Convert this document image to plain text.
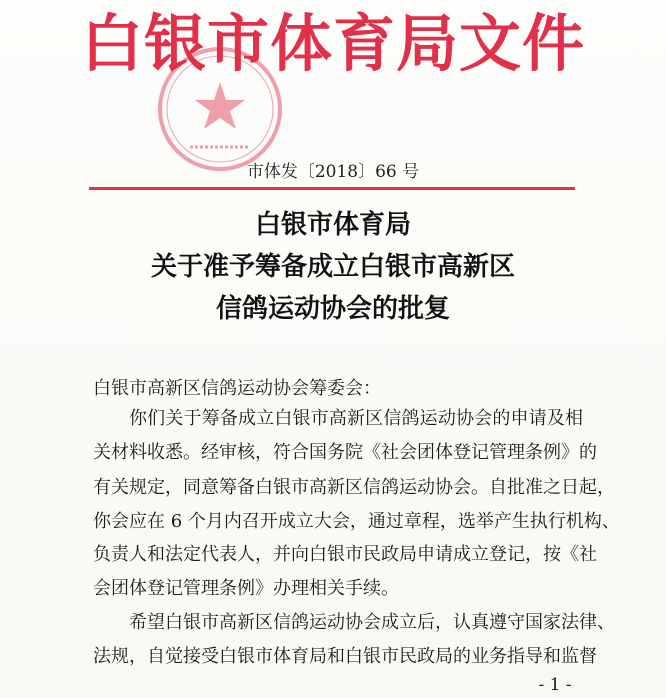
白银市体育局文件
市体发〔2018〕66 号
白银市体育局
关于准予筹备成立白银市高新区
信鸽运动协会的批复
白银市高新区信鸽运动协会筹委会：
你们关于筹备成立白银市高新区信鸽运动协会的申请及相
关材料收悉。经审核，符合国务院《社会团体登记管理条例》的
有关规定，同意筹备白银市高新区信鸽运动协会。自批准之日起，
你会应在 6 个月内召开成立大会，通过章程，选举产生执行机构、
负责人和法定代表人，并向白银市民政局申请成立登记，按《社
会团体登记管理条例》办理相关手续。
希望白银市高新区信鸽运动协会成立后，认真遵守国家法律、
法规，自觉接受白银市体育局和白银市民政局的业务指导和监督
- 1 -
